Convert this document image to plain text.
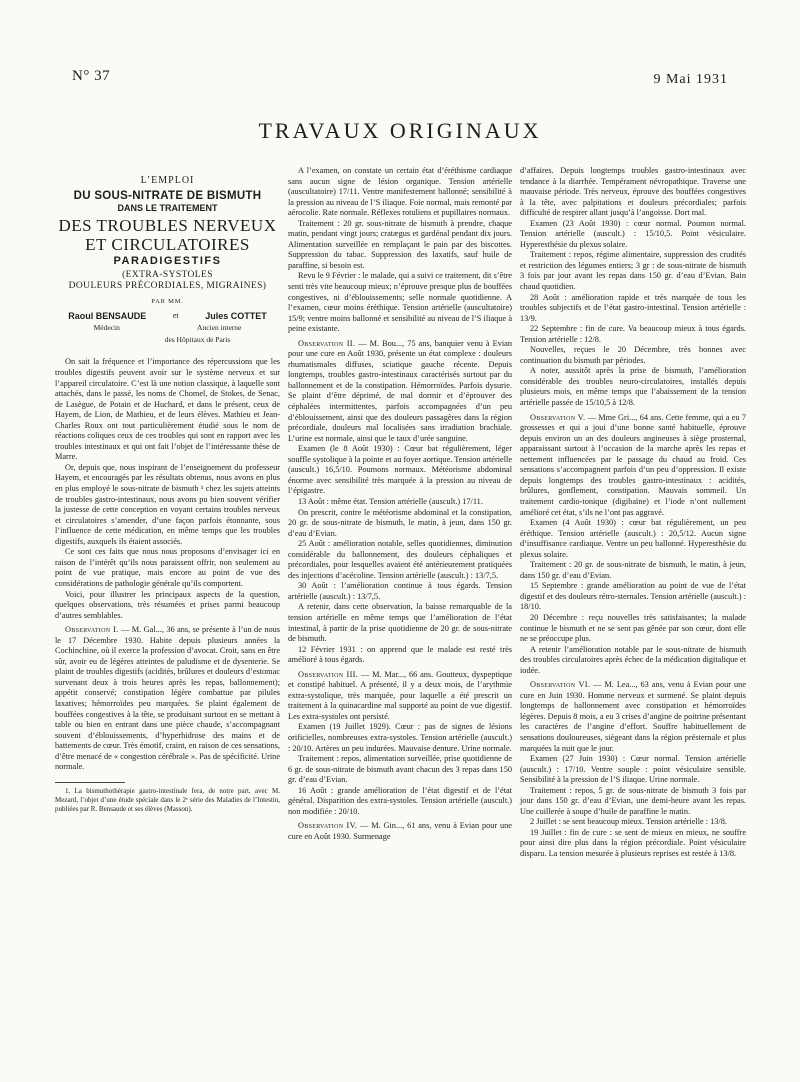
N° 37	9 Mai 1931
TRAVAUX ORIGINAUX
L’EMPLOI
DU SOUS-NITRATE DE BISMUTH
DANS LE TRAITEMENT
DES TROUBLES NERVEUX
ET CIRCULATOIRES
PARADIGESTIFS
(EXTRA-SYSTOLES
DOULEURS PRÉCORDIALES, MIGRAINES)
PAR MM.
Raoul BENSAUDE	et	Jules COTTET
Médecin	Ancien interne
des Hôpitaux de Paris

On sait la fréquence et l’importance des répercussions que les troubles digestifs peuvent avoir sur le système nerveux et sur l’appareil circulatoire. C’est là une notion classique, à laquelle sont attachés, dans le passé, les noms de Chomel, de Stokes, de Senac, de Lasègue, de Potain et de Huchard, et dans le présent, ceux de Hayem, de Lion, de Mathieu, et de leurs élèves. Mathieu et Jean-Charles Roux ont tout particulièrement étudié sous le nom de réactions coliques ceux de ces troubles qui sont en rapport avec les troubles intestinaux et qui ont fait l’objet de l’intéressante thèse de Marre.

Or, depuis que, nous inspirant de l’enseignement du professeur Hayem, et encouragés par les résultats obtenus, nous avons en plus en plus employé le sous-nitrate de bismuth ¹ chez les sujets atteints de troubles gastro-intestinaux, nous avons pu bien souvent vérifier la justesse de cette conception en voyant certains troubles nerveux et circulatoires s’amender, d’une façon parfois étonnante, sous l’influence de cette médication, en même temps que les troubles digestifs, auxquels ils étaient associés.

Ce sont ces faits que nous nous proposons d’envisager ici en raison de l’intérêt qu’ils nous paraissent offrir, non seulement au point de vue pratique, mais encore au point de vue des considérations de pathologie générale qu’ils comportent.

Voici, pour illustrer les principaux aspects de la question, quelques observations, très résumées et prises parmi beaucoup d’autres semblables.

Observation I. — M. Gal..., 36 ans, se présente à l’un de nous le 17 Décembre 1930. Habite depuis plusieurs années la Cochinchine, où il exerce la profession d’avocat. Croit, sans en être sûr, avoir eu de légères atteintes de paludisme et de dysenterie. Se plaint de troubles digestifs (acidités, brûlures et douleurs d’estomac survenant deux à trois heures après les repas, ballonnement); appétit conservé; constipation légère combattue par pilules laxatives; hémorroïdes peu marquées. Se plaint également de bouffées congestives à la tête, se produisant surtout en se mettant à table ou bien en entrant dans une pièce chaude, s’accompagnant souvent d’éblouissements, d’hyperhidrose des mains et de battements de cœur. Très émotif, craint, en raison de ces sensations, d’être menacé de « congestion cérébrale ». Pas de spécificité. Urine normale.

1. La bismuthothérapie gastro-intestinale fera, de notre part, avec M. Mezard, l’objet d’une étude spéciale dans le 2ᵉ série des Maladies de l’Intestin, publiées par R. Bensaude et ses élèves (Masson).

A l’examen, on constate un certain état d’éréthisme cardiaque sans aucun signe de lésion organique. Tension artérielle (auscultatoire) 17/11. Ventre manifestement ballonné; sensibilité à la pression au niveau de l’S iliaque. Foie normal, mais remonté par aérocolie. Rate normale. Réflexes rotuliens et pupillaires normaux.

Traitement : 20 gr. sous-nitrate de bismuth à prendre, chaque matin, pendant vingt jours; cratægus et gardénal pendant dix jours. Alimentation surveillée en remplaçant le pain par des biscottes. Suppression du tabac. Suppression des laxatifs, sauf huile de paraffine, si besoin est.

Revu le 9 Février : le malade, qui a suivi ce traitement, dit s’être senti très vite beaucoup mieux; n’éprouve presque plus de bouffées congestives, ni d’éblouissements; selle normale quotidienne. A l’examen, cœur moins éréthique. Tension artérielle (auscultatoire) 15/9; ventre moins ballonné et sensibilité au niveau de l’S iliaque à peine existante.

Observation II. — M. Bou..., 75 ans, banquier venu à Evian pour une cure en Août 1930, présente un état complexe : douleurs rhumatismales diffuses, sciatique gauche récente. Depuis longtemps, troubles gastro-intestinaux caractérisés surtout par du ballonnement et de la constipation. Hémorroïdes. Parfois dysurie. Se plaint d’être déprimé, de mal dormir et d’éprouver des céphalées intermittentes, parfois accompagnées d’un peu d’éblouissement, ainsi que des douleurs passagères dans la région précordiale, douleurs mal localisées sans irradiation brachiale. L’urine est normale, ainsi que le taux d’urée sanguine.

Examen (le 8 Août 1930) : Cœur bat régulièrement, léger souffle systolique à la pointe et au foyer aortique. Tension artérielle (auscult.) 16,5/10. Poumons normaux. Météorisme abdominal énorme avec sensibilité très marquée à la pression au niveau de l’épigastre.

13 Août : même état. Tension artérielle (auscult.) 17/11.

On prescrit, contre le météorisme abdominal et la constipation, 20 gr. de sous-nitrate de bismuth, le matin, à jeun, dans 150 gr. d’eau d’Evian.

25 Août : amélioration notable, selles quotidiennes, diminution considérable du ballonnement, des douleurs céphaliques et précordiales, pour lesquelles avaient été antérieurement pratiquées des injections d’acécoline. Tension artérielle (auscult.) : 13/7,5.

30 Août : l’amélioration continue à tous égards. Tension artérielle (auscult.) : 13/7,5.

A retenir, dans cette observation, la baisse remarquable de la tension artérielle en même temps que l’amélioration de l’état intestinal, à partir de la prise quotidienne de 20 gr. de sous-nitrate de bismuth.

12 Février 1931 : on apprend que le malade est resté très amélioré à tous égards.

Observation III. — M. Mar..., 66 ans. Goutteux, dyspeptique et constipé habituel. A présenté, il y a deux mois, de l’arythmie extra-systolique, très marquée, pour laquelle a été prescrit un traitement à la quinacardine mal supporté au point de vue digestif. Les extra-systoles ont persisté.

Examen (19 Juillet 1929). Cœur : pas de signes de lésions orificielles, nombreuses extra-systoles. Tension artérielle (auscult.) : 20/10. Artères un peu indurées. Mauvaise denture. Urine normale.

Traitement : repos, alimentation surveillée, prise quotidienne de 6 gr. de sous-nitrate de bismuth avant chacun des 3 repas dans 150 gr. d’eau d’Evian.

16 Août : grande amélioration de l’état digestif et de l’état général. Disparition des extra-systoles. Tension artérielle (auscult.) non modifiée : 20/10.

Observation IV. — M. Gin..., 61 ans, venu à Evian pour une cure en Août 1930. Surmenage

d’affaires. Depuis longtemps troubles gastro-intestinaux avec tendance à la diarrhée. Tempérament névropathique. Traverse une mauvaise période. Très nerveux, éprouve des bouffées congestives à la tête, avec palpitations et douleurs précordiales; parfois difficulté de respirer allant jusqu’à l’angoisse. Dort mal.

Examen (23 Août 1930) : cœur normal. Poumon normal. Tension artérielle (auscult.) : 15/10,5. Point vésiculaire. Hyperesthésie du plexus solaire.

Traitement : repos, régime alimentaire, suppression des crudités et restriction des légumes entiers; 3 gr : de sous-nitrate de bismuth 3 fois par jour avant les repas dans 150 gr. d’eau d’Evian. Bain chaud quotidien.

28 Août : amélioration rapide et très marquée de tous les troubles subjectifs et de l’état gastro-intestinal. Tension artérielle : 13/9.

22 Septembre : fin de cure. Va beaucoup mieux à tous égards. Tension artérielle : 12/8.

Nouvelles, reçues le 20 Décembre, très bonnes avec continuation du bismuth par périodes.

A noter, aussitôt après la prise de bismuth, l’amélioration considérable des troubles neuro-circulatoires, installés depuis plusieurs mois, en même temps que l’abaissement de la tension artérielle passée de 15/10,5 à 12/8.

Observation V. — Mme Gri..., 64 ans. Cette femme, qui a eu 7 grossesses et qui a joui d’une bonne santé habituelle, éprouve depuis environ un an des douleurs angineuses à siège prosternal, apparaissant surtout à l’occasion de la marche après les repas et nettement influencées par le passage du chaud au froid. Ces sensations s’accompagnent parfois d’un peu d’oppression. Il existe depuis longtemps des troubles gastro-intestinaux : acidités, brûlures, gonflement, constipation. Mauvais sommeil. Un traitement cardio-tonique (digibaïne) et l’iode n’ont nullement amélioré cet état, s’ils ne l’ont pas aggravé.

Examen (4 Août 1930) : cœur bat régulièrement, un peu éréthique. Tension artérielle (auscult.) : 20,5/12. Aucun signe d’insuffisance cardiaque. Ventre un peu ballonné. Hyperesthésie du plexus solaire.

Traitement : 20 gr. de sous-nitrate de bismuth, le matin, à jeun, dans 150 gr. d’eau d’Evian.

15 Septembre : grande amélioration au point de vue de l’état digestif et des douleurs rétro-sternales. Tension artérielle (auscult.) : 18/10.

20 Décembre : reçu nouvelles très satisfaisantes; la malade continue le bismuth et ne se sent pas gênée par son cœur, dont elle ne se préoccupe plus.

A retenir l’amélioration notable par le sous-nitrate de bismuth des troubles circulatoires après échec de la médication digitalique et iodée.

Observation VI. — M. Lea..., 63 ans, venu à Evian pour une cure en Juin 1930. Homme nerveux et surmené. Se plaint depuis longtemps de ballonnement avec constipation et hémorroïdes légères. Depuis 8 mois, a eu 3 crises d’angine de poitrine présentant les caractères de l’angine d’effort. Souffre habituellement de sensations douloureuses, siégeant dans la région présternale et plus marquées la nuit que le jour.

Examen (27 Juin 1930) : Cœur normal. Tension artérielle (auscult.) : 17/10. Ventre souple : point vésiculaire sensible. Sensibilité à la pression de l’S iliaque. Urine normale.

Traitement : repos, 5 gr. de sous-nitrate de bismuth 3 fois par jour dans 150 gr. d’eau d’Evian, une demi-heure avant les repas. Une cuillerée à soupe d’huile de paraffine le matin.

2 Juillet : se sent beaucoup mieux. Tension artérielle : 13/8.

19 Juillet : fin de cure : se sent de mieux en mieux, ne souffre pour ainsi dire plus dans la région précordiale. Point vésiculaire disparu. La tension mesurée à plusieurs reprises est restée à 13/8.
